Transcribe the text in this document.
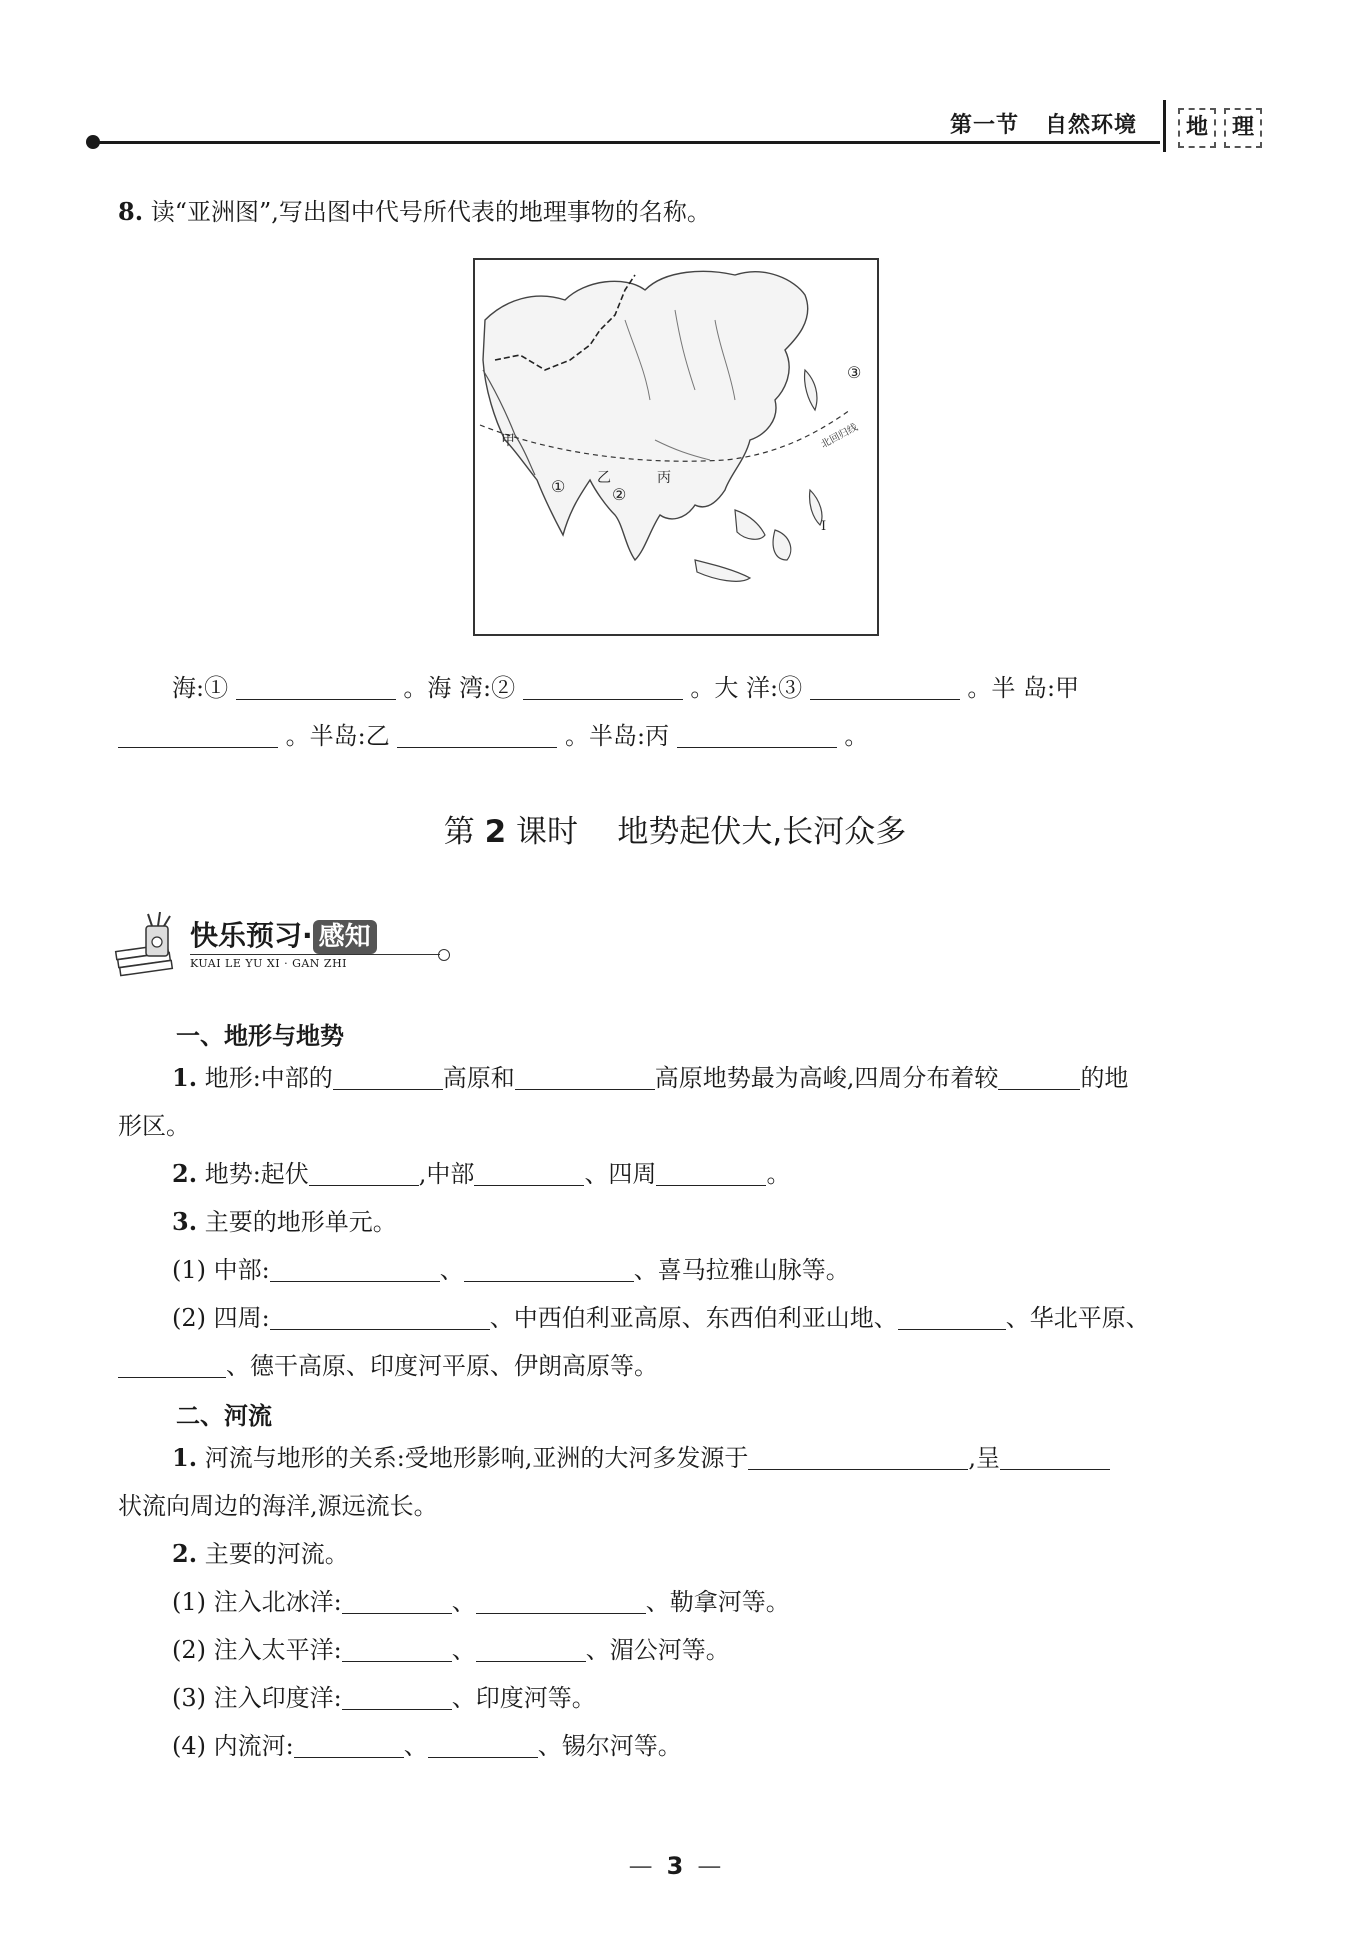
第一节 自然环境	地	理
8. 读“亚洲图”,写出图中代号所代表的地理事物的名称。
③
北回归线
甲
① 乙
②
丙
Ⅰ
海:①	。海 湾:②	。大 洋:③	。半 岛:甲
。半岛:乙	。半岛:丙	。
第 2 课时 地势起伏大,长河众多
快乐预习· 感知
KUAI LE YU XI · GAN ZHI
一、地形与地势
1. 地形:中部的	高原和	高原地势最为高峻,四周分布着较	的地
形区。
2. 地势:起伏	,中部	、四周	。
3. 主要的地形单元。
(1) 中部:	、	、喜马拉雅山脉等。
(2) 四周:	、中西伯利亚高原、东西伯利亚山地、	、华北平原、
、德干高原、印度河平原、伊朗高原等。
二、河流
1. 河流与地形的关系:受地形影响,亚洲的大河多发源于	,呈
状流向周边的海洋,源远流长。
2. 主要的河流。
(1) 注入北冰洋:	、	、勒拿河等。
(2) 注入太平洋:	、	、湄公河等。
(3) 注入印度洋:	、印度河等。
(4) 内流河:	、	、锡尔河等。
— 3 —
